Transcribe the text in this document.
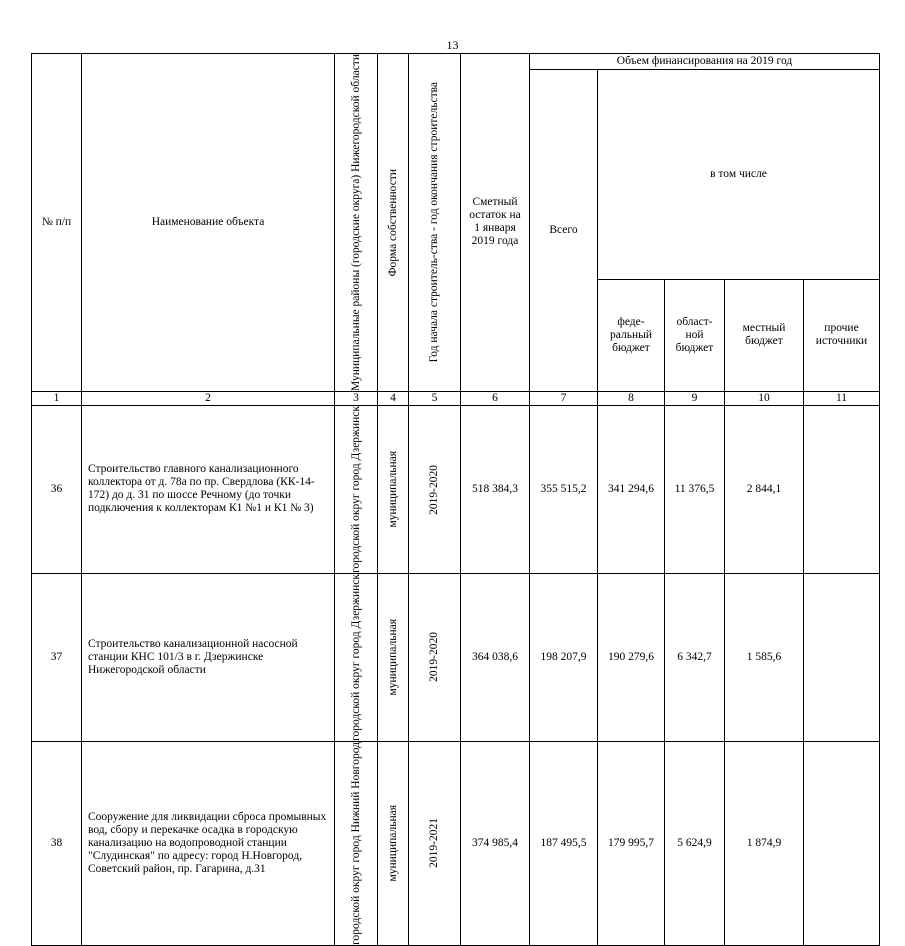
13
№ п/п	Наименование объекта	Муниципальные районы (городские округа) Нижегородской области	Форма собственности	Год начала строитель-ства - год окончания строительства	Сметный остаток на 1 января 2019 года	Объем финансирования на 2019 год				
						Всего	в том числе			

							феде-ральный бюджет	област-ной бюджет	местный бюджет	прочие источники

1	2	3	4	5	6	7	8	9	10	11
36	Строительство главного канализационного коллектора от д. 78а по пр. Свердлова (КК-14-172) до д. 31 по шоссе Речному (до точки подключения к коллекторам К1 №1 и К1 № 3)	городской округ город Дзержинск	муниципальная	2019-2020	518 384,3	355 515,2	341 294,6	11 376,5	2 844,1	
37	Строительство канализационной насосной станции КНС 101/3 в г. Дзержинске Нижегородской области	городской округ город Дзержинск	муниципальная	2019-2020	364 038,6	198 207,9	190 279,6	6 342,7	1 585,6	
38	Сооружение для ликвидации сброса промывных вод, сбору и перекачке осадка в городскую канализацию на водопроводной станции "Слудинская" по адресу: город Н.Новгород, Советский район, пр. Гагарина, д.31	городской округ город Нижний Новгород	муниципальная	2019-2021	374 985,4	187 495,5	179 995,7	5 624,9	1 874,9	
